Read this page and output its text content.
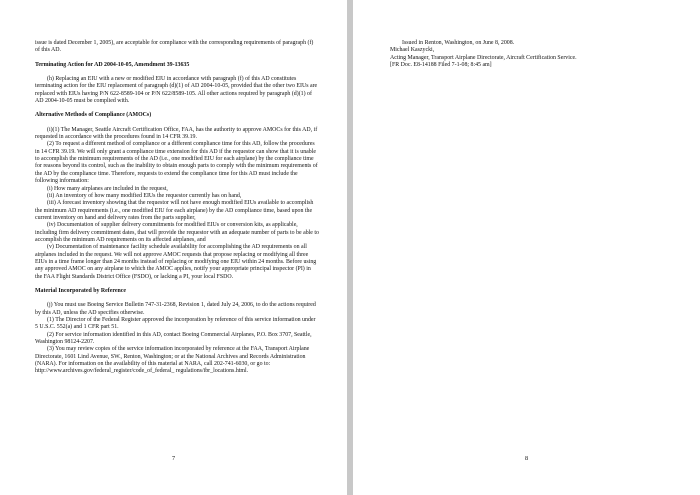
issue is dated December 1, 2005), are acceptable for compliance with the corresponding requirements of paragraph (f) of this AD.

Terminating Action for AD 2004-10-05, Amendment 39-13635

(h) Replacing an EIU with a new or modified EIU in accordance with paragraph (f) of this AD constitutes terminating action for the EIU replacement of paragraph (d)(1) of AD 2004-10-05, provided that the other two EIUs are replaced with EIUs having P/N 622-8589-104 or P/N 622/8589-105. All other actions required by paragraph (d)(1) of AD 2004-10-05 must be complied with.

Alternative Methods of Compliance (AMOCs)

(i)(1) The Manager, Seattle Aircraft Certification Office, FAA, has the authority to approve AMOCs for this AD, if requested in accordance with the procedures found in 14 CFR 39.19.

(2) To request a different method of compliance or a different compliance time for this AD, follow the procedures in 14 CFR 39.19. We will only grant a compliance time extension for this AD if the requestor can show that it is unable to accomplish the minimum requirements of the AD (i.e., one modified EIU for each airplane) by the compliance time for reasons beyond its control, such as the inability to obtain enough parts to comply with the minimum requirements of the AD by the compliance time. Therefore, requests to extend the compliance time for this AD must include the following information:

(i) How many airplanes are included in the request,

(ii) An inventory of how many modified EIUs the requestor currently has on hand,

(iii) A forecast inventory showing that the requestor will not have enough modified EIUs available to accomplish the minimum AD requirements (i.e., one modified EIU for each airplane) by the AD compliance time, based upon the current inventory on hand and delivery rates from the parts supplier,

(iv) Documentation of supplier delivery commitments for modified EIUs or conversion kits, as applicable, including firm delivery commitment dates, that will provide the requestor with an adequate number of parts to be able to accomplish the minimum AD requirements on its affected airplanes, and

(v) Documentation of maintenance facility schedule availability for accomplishing the AD requirements on all airplanes included in the request. We will not approve AMOC requests that propose replacing or modifying all three EIUs in a time frame longer than 24 months instead of replacing or modifying one EIU within 24 months. Before using any approved AMOC on any airplane to which the AMOC applies, notify your appropriate principal inspector (PI) in the FAA Flight Standards District Office (FSDO), or lacking a PI, your local FSDO.

Material Incorporated by Reference

(j) You must use Boeing Service Bulletin 747-31-2368, Revision 1, dated July 24, 2006, to do the actions required by this AD, unless the AD specifies otherwise.

(1) The Director of the Federal Register approved the incorporation by reference of this service information under 5 U.S.C. 552(a) and 1 CFR part 51.

(2) For service information identified in this AD, contact Boeing Commercial Airplanes, P.O. Box 3707, Seattle, Washington 98124-2207.

(3) You may review copies of the service information incorporated by reference at the FAA, Transport Airplane Directorate, 1601 Lind Avenue, SW., Renton, Washington; or at the National Archives and Records Administration (NARA). For information on the availability of this material at NARA, call 202-741-6030, or go to: http://www.archives.gov/federal_register/code_of_federal_ regulations/ibr_locations.html.

7

Issued in Renton, Washington, on June 8, 2008.

Michael Kaszycki,

Acting Manager, Transport Airplane Directorate, Aircraft Certification Service.

[FR Doc. E8-14188 Filed 7-1-08; 8:45 am]

8
